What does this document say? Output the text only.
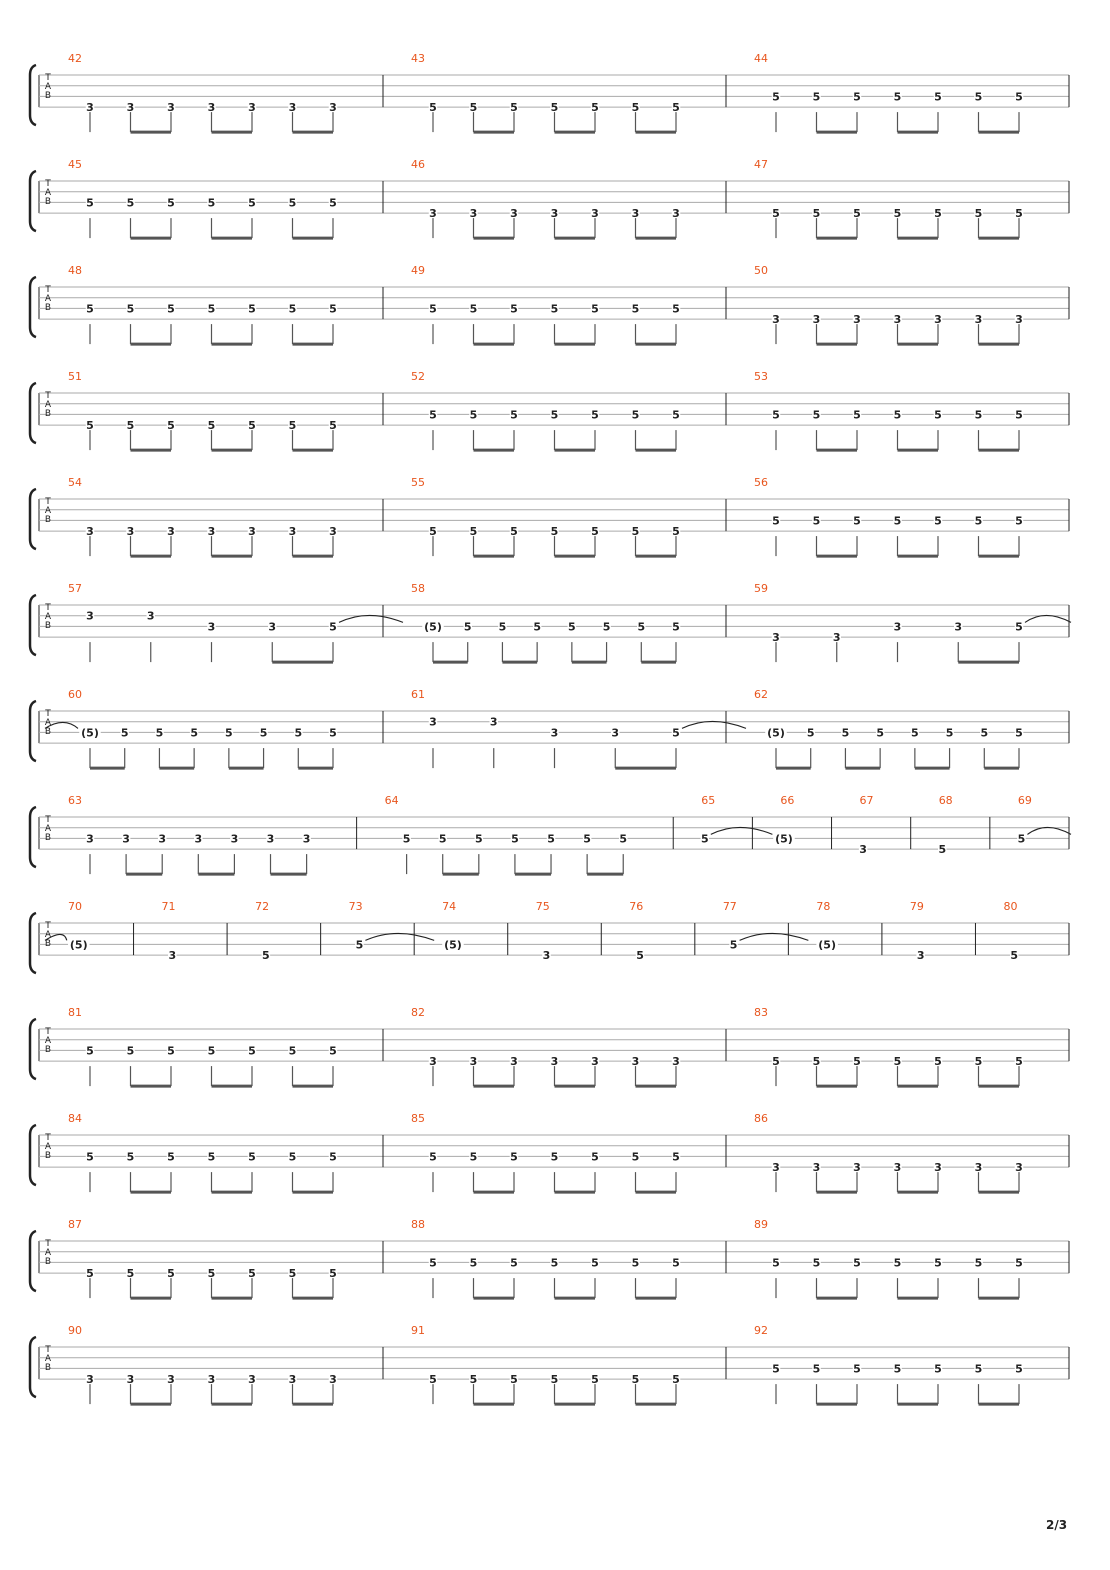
T
A
B
42
3	3	3	3	3	3	3
43
5	5	5	5	5	5	5
44
5	5	5	5	5	5	5
T
A
B
45
5	5	5	5	5	5	5
46
3	3	3	3	3	3	3
47
5	5	5	5	5	5	5
T
A
B
48
5	5	5	5	5	5	5
49
5	5	5	5	5	5	5
50
3	3	3	3	3	3	3
T
A
B
51
5	5	5	5	5	5	5
52
5	5	5	5	5	5	5
53
5	5	5	5	5	5	5
T
A
B
54
3	3	3	3	3	3	3
55
5	5	5	5	5	5	5
56
5	5	5	5	5	5	5
T
A
B
57
3	3
3	3	5
58
(5) 5 5 5 5 5 5 5
59
3	3
3	3	5
T
A
B
60
(5) 5 5 5 5 5 5 5
61
3	3
3	3	5
62
(5) 5 5 5 5 5 5 5
T
A
B
63
3	3	3	3	3	3	3
64
5	5	5	5	5	5	5
65
5
66
(5)
67
3
68
5
69
5
T
A
B
70
(5)
71
3
72
5
73
5
74
(5)
75
3
76
5
77
5
78
(5)
79
3
80
5
T
A
B
81
5	5	5	5	5	5	5
82
3	3	3	3	3	3	3
83
5	5	5	5	5	5	5
T
A
B
84
5	5	5	5	5	5	5
85
5	5	5	5	5	5	5
86
3	3	3	3	3	3	3
T
A
B
87
5	5	5	5	5	5	5
88
5	5	5	5	5	5	5
89
5	5	5	5	5	5	5
T
A
B
90
3	3	3	3	3	3	3
91
5	5	5	5	5	5	5
92
5	5	5	5	5	5	5
2/3
